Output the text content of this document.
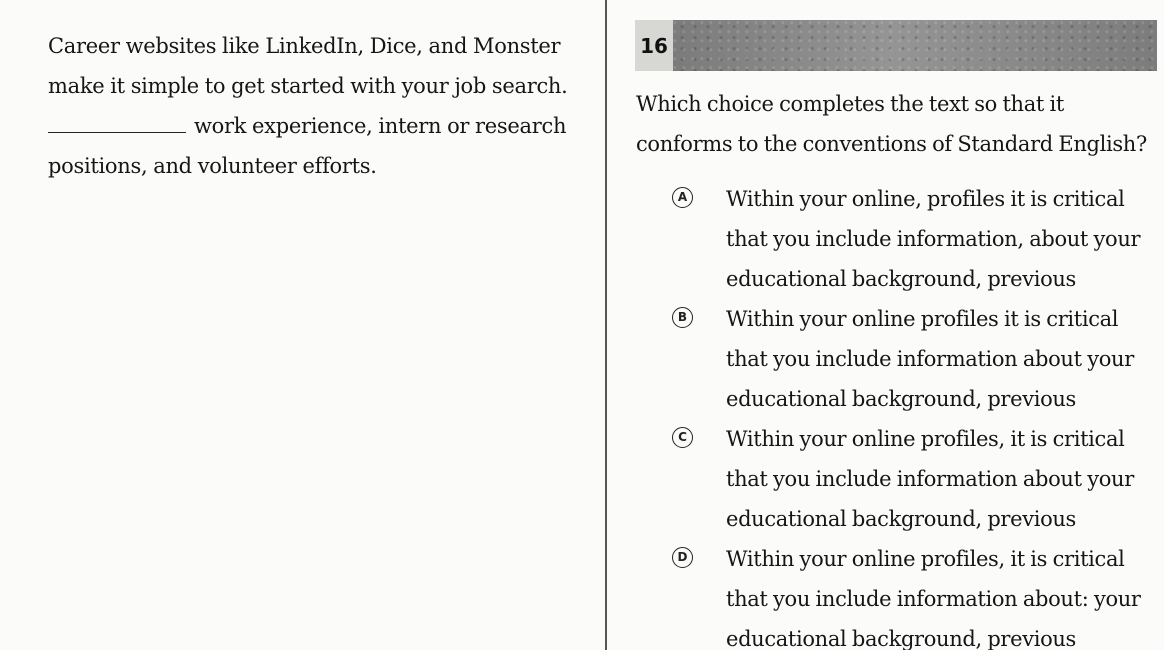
Career websites like LinkedIn, Dice, and Monster make it simple to get started with your job search. work experience, intern or research positions, and volunteer efforts.

16

Which choice completes the text so that it conforms to the conventions of Standard English?

A Within your online, profiles it is critical that you include information, about your educational background, previous
B Within your online profiles it is critical that you include information about your educational background, previous
C Within your online profiles, it is critical that you include information about your educational background, previous
D Within your online profiles, it is critical that you include information about: your educational background, previous
